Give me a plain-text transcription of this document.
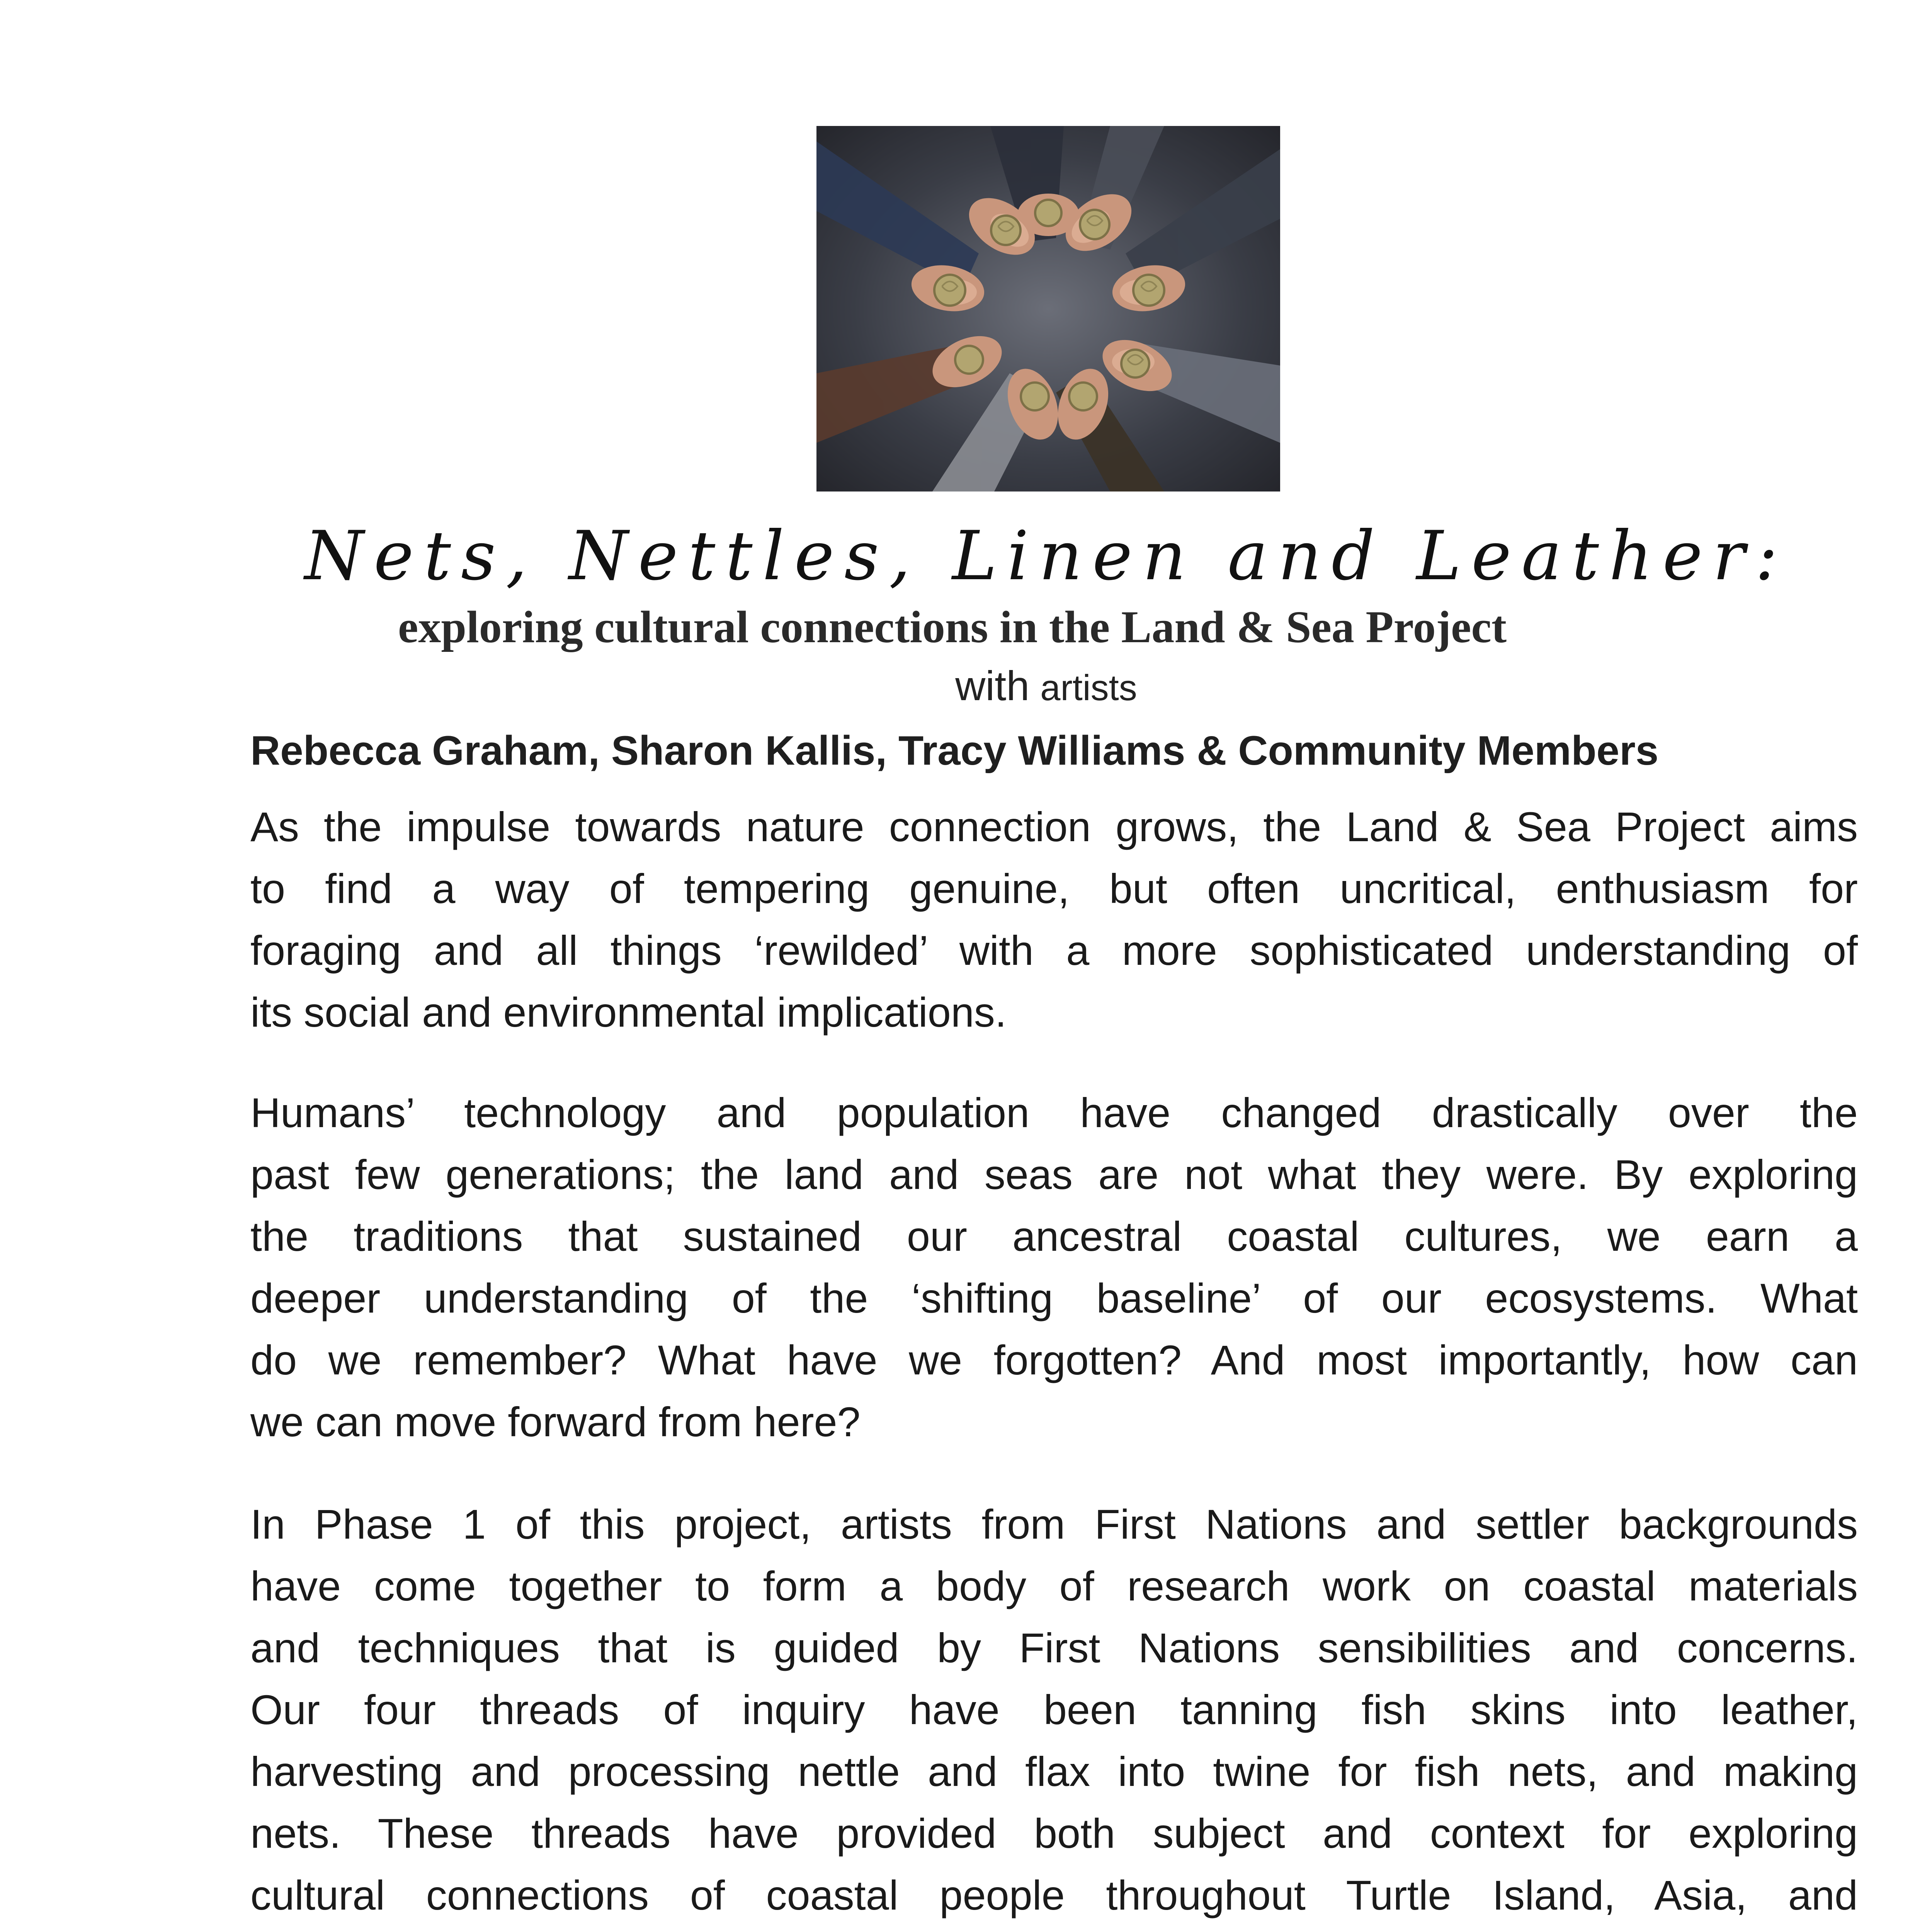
Nets, Nettles, Linen and Leather:
exploring cultural connections in the Land & Sea Project
with artists
Rebecca Graham, Sharon Kallis, Tracy Williams & Community Members
As the impulse towards nature connection grows, the Land & Sea Project aims
to find a way of tempering genuine, but often uncritical, enthusiasm for
foraging and all things ‘rewilded’ with a more sophisticated understanding of
its social and environmental implications.
Humans’ technology and population have changed drastically over the
past few generations; the land and seas are not what they were. By exploring
the traditions that sustained our ancestral coastal cultures, we earn a
deeper understanding of the ‘shifting baseline’ of our ecosystems. What
do we remember? What have we forgotten? And most importantly, how can
we can move forward from here?
In Phase 1 of this project, artists from First Nations and settler backgrounds
have come together to form a body of research work on coastal materials
and techniques that is guided by First Nations sensibilities and concerns.
Our four threads of inquiry have been tanning fish skins into leather,
harvesting and processing nettle and flax into twine for fish nets, and making
nets. These threads have provided both subject and context for exploring
cultural connections of coastal people throughout Turtle Island, Asia, and
